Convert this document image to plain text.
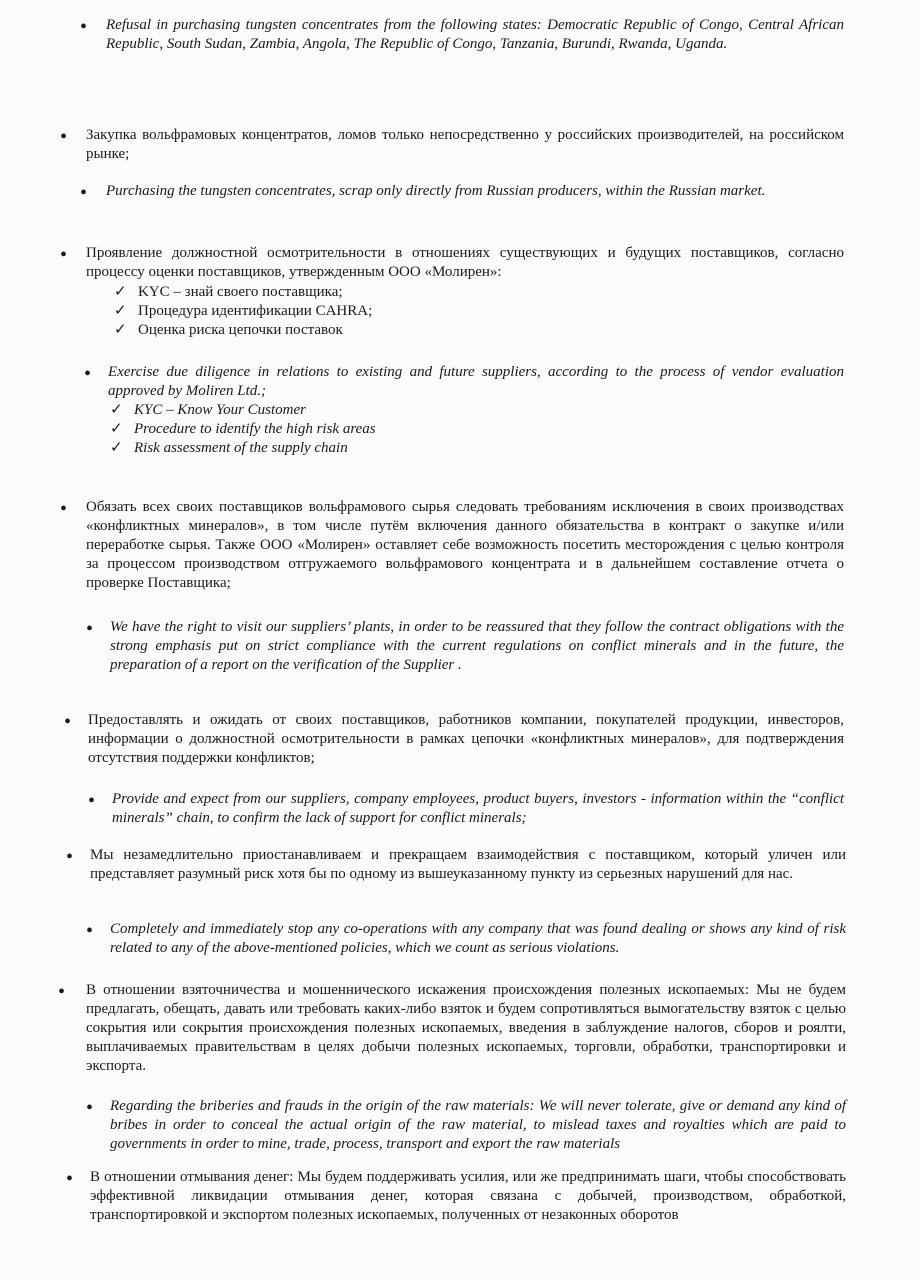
• Refusal in purchasing tungsten concentrates from the following states: Democratic Republic of Congo, Central African Republic, South Sudan, Zambia, Angola, The Republic of Congo, Tanzania, Burundi, Rwanda, Uganda.
• Закупка вольфрамовых концентратов, ломов только непосредственно у российских производителей, на российском рынке;
• Purchasing the tungsten concentrates, scrap only directly from Russian producers, within the Russian market.
• Проявление должностной осмотрительности в отношениях существующих и будущих поставщиков, согласно процессу оценки поставщиков, утвержденным ООО «Молирен»:
✓ KYC – знай своего поставщика;
✓ Процедура идентификации CAHRA;
✓ Оценка риска цепочки поставок
• Exercise due diligence in relations to existing and future suppliers, according to the process of vendor evaluation approved by Moliren Ltd.;
✓ KYC – Know Your Customer
✓ Procedure to identify the high risk areas
✓ Risk assessment of the supply chain
• Обязать всех своих поставщиков вольфрамового сырья следовать требованиям исключения в своих производствах «конфликтных минералов», в том числе путём включения данного обязательства в контракт о закупке и/или переработке сырья. Также ООО «Молирен» оставляет себе возможность посетить месторождения с целью контроля за процессом производством отгружаемого вольфрамового концентрата и в дальнейшем составление отчета о проверке Поставщика;
• We have the right to visit our suppliers’ plants, in order to be reassured that they follow the contract obligations with the strong emphasis put on strict compliance with the current regulations on conflict minerals and in the future, the preparation of a report on the verification of the Supplier .
• Предоставлять и ожидать от своих поставщиков, работников компании, покупателей продукции, инвесторов, информации о должностной осмотрительности в рамках цепочки «конфликтных минералов», для подтверждения отсутствия поддержки конфликтов;
• Provide and expect from our suppliers, company employees, product buyers, investors - information within the “conflict minerals” chain, to confirm the lack of support for conflict minerals;
• Мы незамедлительно приостанавливаем и прекращаем взаимодействия с поставщиком, который уличен или представляет разумный риск хотя бы по одному из вышеуказанному пункту из серьезных нарушений для нас.
• Completely and immediately stop any co-operations with any company that was found dealing or shows any kind of risk related to any of the above-mentioned policies, which we count as serious violations.
• В отношении взяточничества и мошеннического искажения происхождения полезных ископаемых: Мы не будем предлагать, обещать, давать или требовать каких-либо взяток и будем сопротивляться вымогательству взяток с целью сокрытия или сокрытия происхождения полезных ископаемых, введения в заблуждение налогов, сборов и роялти, выплачиваемых правительствам в целях добычи полезных ископаемых, торговли, обработки, транспортировки и экспорта.
• Regarding the briberies and frauds in the origin of the raw materials: We will never tolerate, give or demand any kind of bribes in order to conceal the actual origin of the raw material, to mislead taxes and royalties which are paid to governments in order to mine, trade, process, transport and export the raw materials
• В отношении отмывания денег: Мы будем поддерживать усилия, или же предпринимать шаги, чтобы способствовать эффективной ликвидации отмывания денег, которая связана с добычей, производством, обработкой, транспортировкой и экспортом полезных ископаемых, полученных от незаконных оборотов
